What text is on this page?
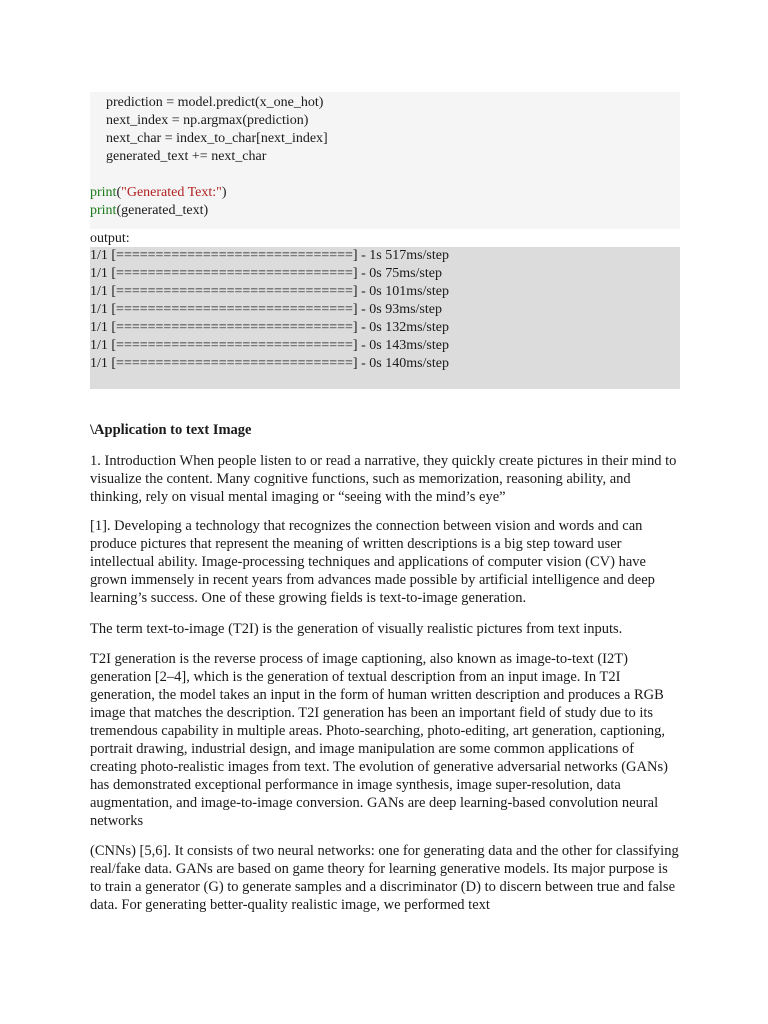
prediction = model.predict(x_one_hot)
next_index = np.argmax(prediction)
next_char = index_to_char[next_index]
generated_text += next_char
print("Generated Text:")
print(generated_text)
output:
1/1 [==============================] - 1s 517ms/step
1/1 [==============================] - 0s 75ms/step
1/1 [==============================] - 0s 101ms/step
1/1 [==============================] - 0s 93ms/step
1/1 [==============================] - 0s 132ms/step
1/1 [==============================] - 0s 143ms/step
1/1 [==============================] - 0s 140ms/step
\Application to text Image

1. Introduction When people listen to or read a narrative, they quickly create pictures in their mind to visualize the content. Many cognitive functions, such as memorization, reasoning ability, and thinking, rely on visual mental imaging or “seeing with the mind’s eye”

[1]. Developing a technology that recognizes the connection between vision and words and can produce pictures that represent the meaning of written descriptions is a big step toward user intellectual ability. Image-processing techniques and applications of computer vision (CV) have grown immensely in recent years from advances made possible by artificial intelligence and deep learning’s success. One of these growing fields is text-to-image generation.

The term text-to-image (T2I) is the generation of visually realistic pictures from text inputs.

T2I generation is the reverse process of image captioning, also known as image-to-text (I2T) generation [2–4], which is the generation of textual description from an input image. In T2I generation, the model takes an input in the form of human written description and produces a RGB image that matches the description. T2I generation has been an important field of study due to its tremendous capability in multiple areas. Photo-searching, photo-editing, art generation, captioning, portrait drawing, industrial design, and image manipulation are some common applications of creating photo-realistic images from text. The evolution of generative adversarial networks (GANs) has demonstrated exceptional performance in image synthesis, image super-resolution, data augmentation, and image-to-image conversion. GANs are deep learning-based convolution neural networks

(CNNs) [5,6]. It consists of two neural networks: one for generating data and the other for classifying real/fake data. GANs are based on game theory for learning generative models. Its major purpose is to train a generator (G) to generate samples and a discriminator (D) to discern between true and false data. For generating better-quality realistic image, we performed text
